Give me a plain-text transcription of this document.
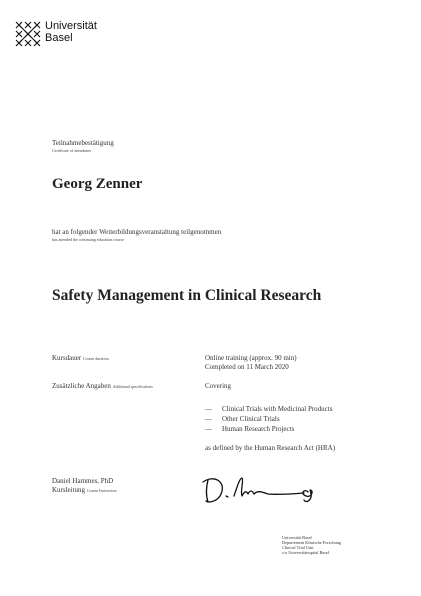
Universität
Basel
Teilnahmebestätigung
Certificate of attendance
Georg Zenner
hat an folgender Weiterbildungsveranstaltung teilgenommen
has attended the continuing education course
Safety Management in Clinical Research
Kursdauer Course duration	Online training (approx. 90 min)
Completed on 11 March 2020
Zusätzliche Angaben Additional specifications	Covering
— Clinical Trials with Medicinal Products
— Other Clinical Trials
— Human Research Projects
as defined by the Human Research Act (HRA)
Daniel Hammes, PhD
Kursleitung Course Instruction
Universität Basel
Departement Klinische Forschung
Clinical Trial Unit
c/o Universitätsspital Basel
